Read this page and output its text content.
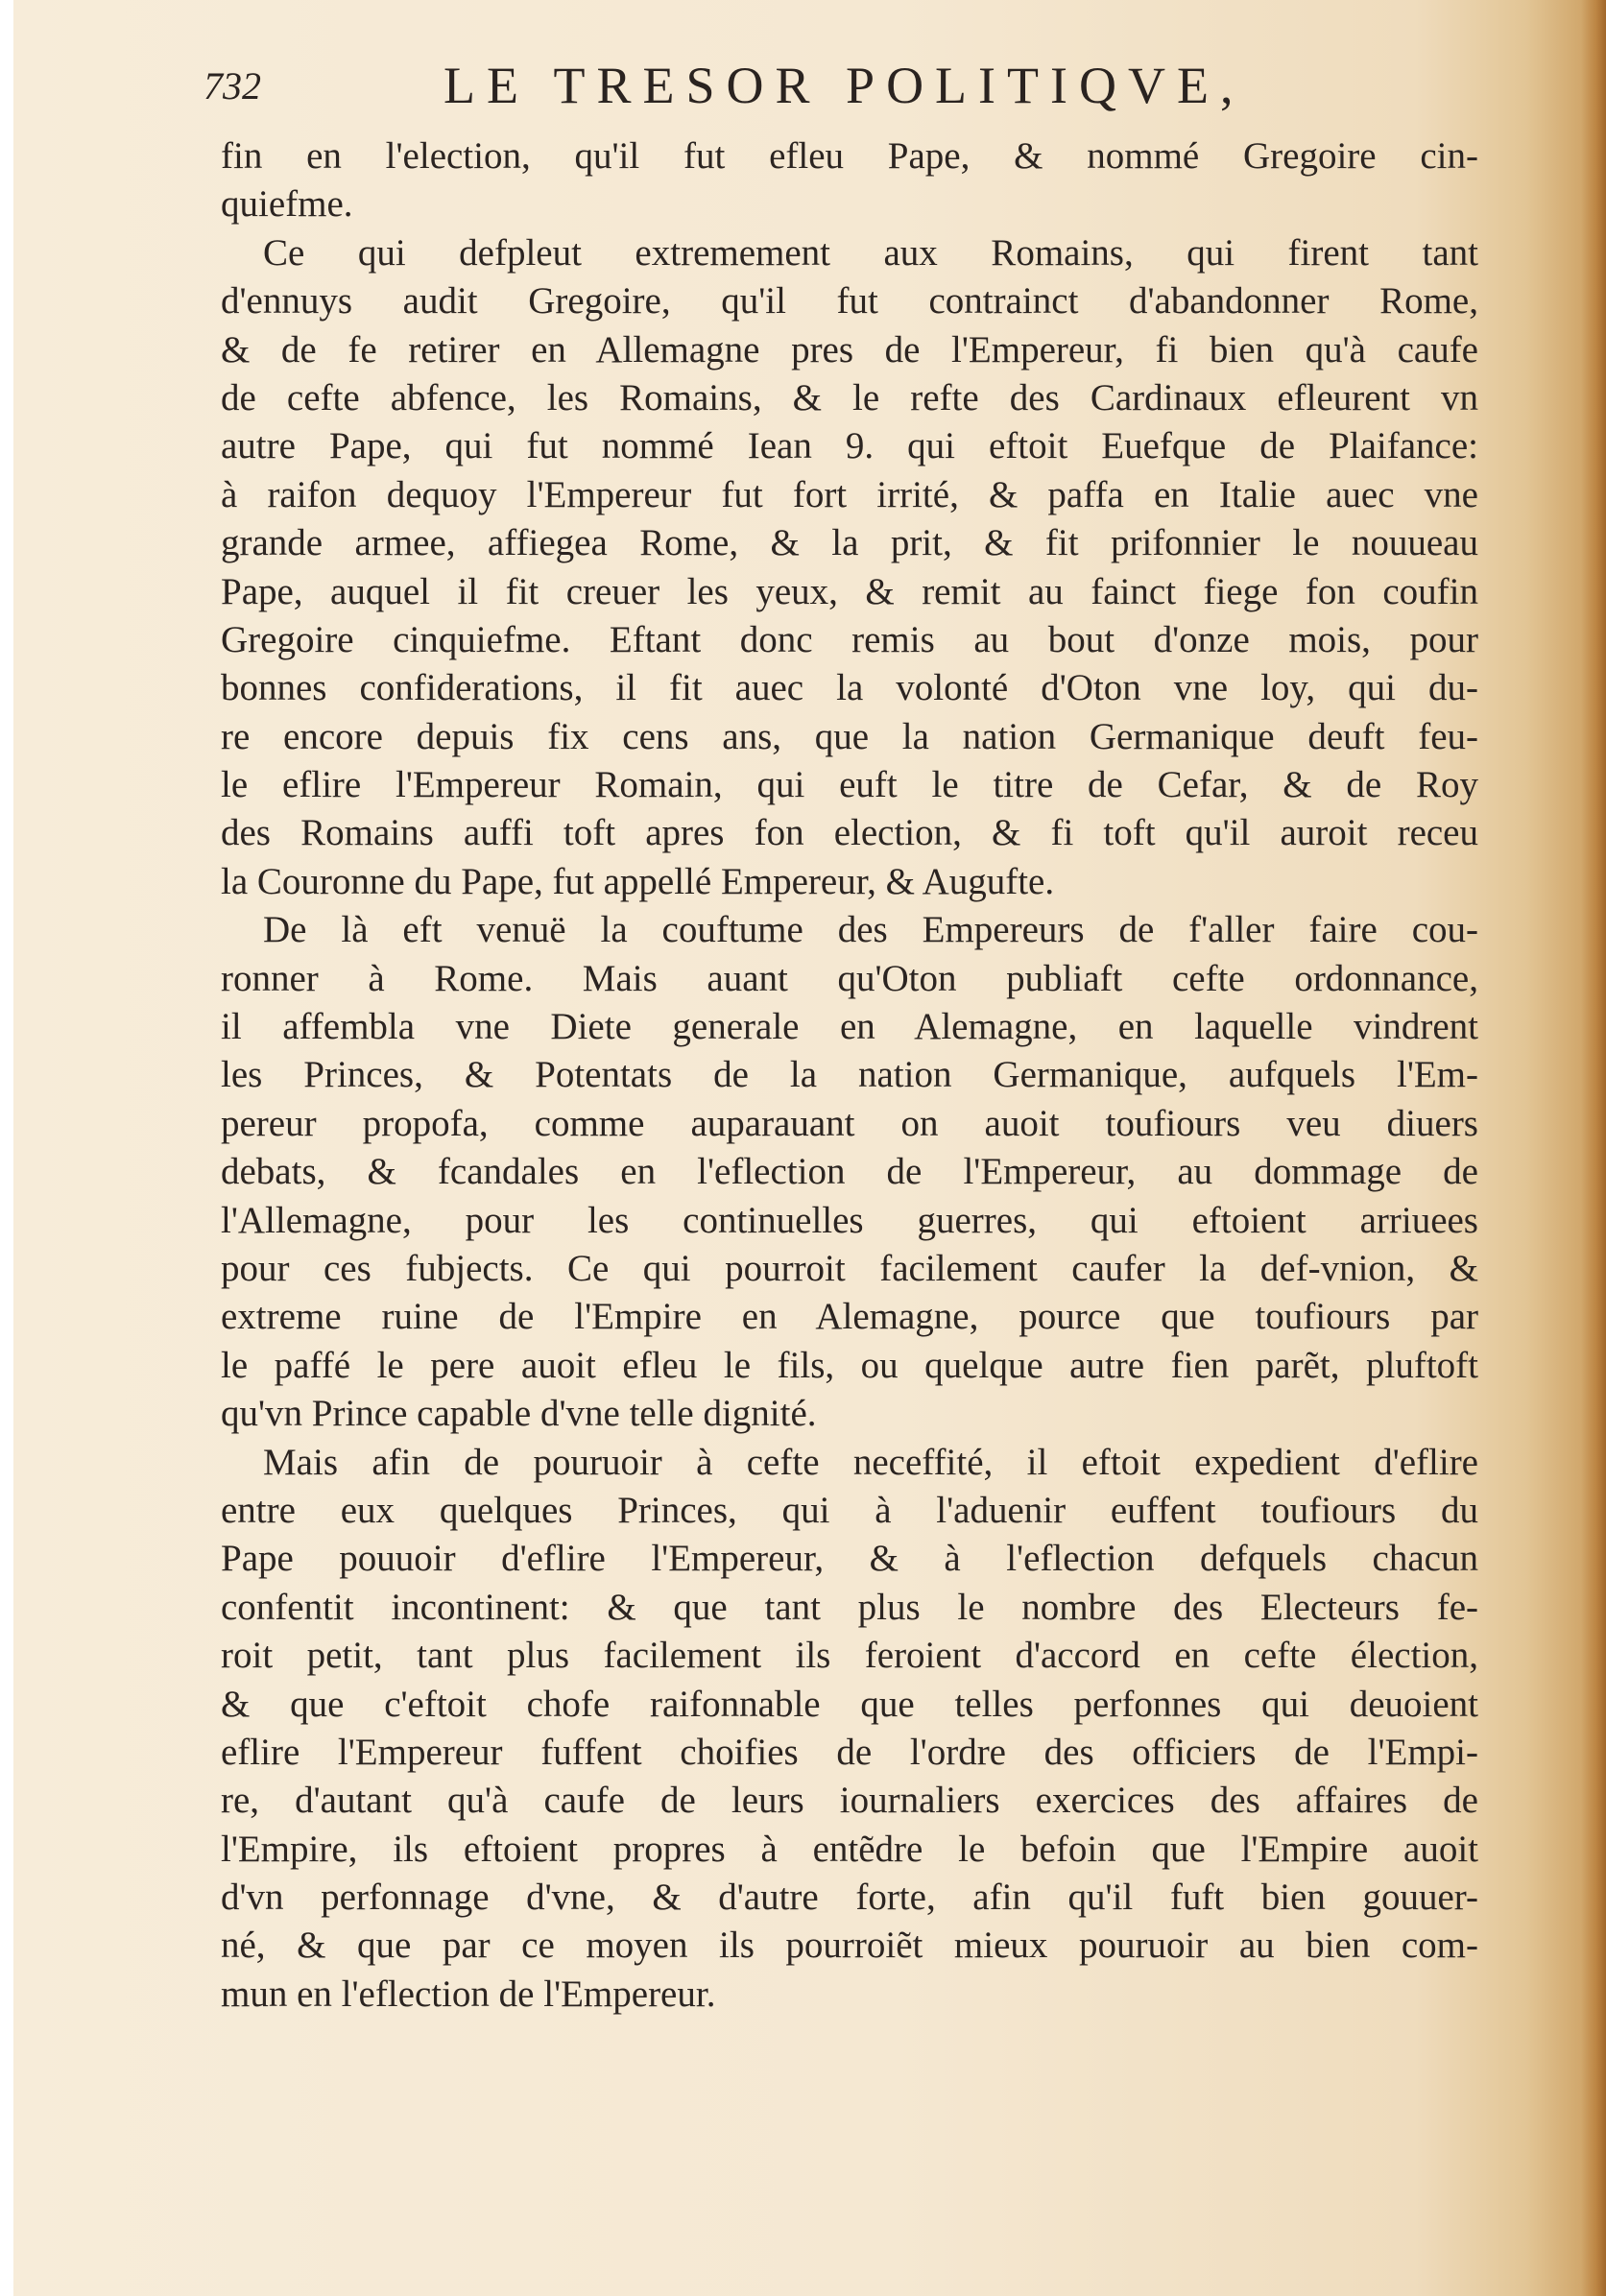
732	LE TRESOR POLITIQVE,
fin en l'election, qu'il fut efleu Pape, & nommé Gregoire cin-
quiefme.
Ce qui defpleut extremement aux Romains, qui firent tant
d'ennuys audit Gregoire, qu'il fut contrainct d'abandonner Rome,
& de fe retirer en Allemagne pres de l'Empereur, fi bien qu'à caufe
de cefte abfence, les Romains, & le refte des Cardinaux efleurent vn
autre Pape, qui fut nommé Iean 9. qui eftoit Euefque de Plaifance:
à raifon dequoy l'Empereur fut fort irrité, & paffa en Italie auec vne
grande armee, affiegea Rome, & la prit, & fit prifonnier le nouueau
Pape, auquel il fit creuer les yeux, & remit au fainct fiege fon coufin
Gregoire cinquiefme. Eftant donc remis au bout d'onze mois, pour
bonnes confiderations, il fit auec la volonté d'Oton vne loy, qui du-
re encore depuis fix cens ans, que la nation Germanique deuft feu-
le eflire l'Empereur Romain, qui euft le titre de Cefar, & de Roy
des Romains auffi toft apres fon election, & fi toft qu'il auroit receu
la Couronne du Pape, fut appellé Empereur, & Augufte.
De là eft venuë la couftume des Empereurs de f'aller faire cou-
ronner à Rome. Mais auant qu'Oton publiaft cefte ordonnance,
il affembla vne Diete generale en Alemagne, en laquelle vindrent
les Princes, & Potentats de la nation Germanique, aufquels l'Em-
pereur propofa, comme auparauant on auoit toufiours veu diuers
debats, & fcandales en l'eflection de l'Empereur, au dommage de
l'Allemagne, pour les continuelles guerres, qui eftoient arriuees
pour ces fubjects. Ce qui pourroit facilement caufer la def-vnion, &
extreme ruine de l'Empire en Alemagne, pource que toufiours par
le paffé le pere auoit efleu le fils, ou quelque autre fien parẽt, pluftoft
qu'vn Prince capable d'vne telle dignité.
Mais afin de pouruoir à cefte neceffité, il eftoit expedient d'eflire
entre eux quelques Princes, qui à l'aduenir euffent toufiours du
Pape pouuoir d'eflire l'Empereur, & à l'eflection defquels chacun
confentit incontinent: & que tant plus le nombre des Electeurs fe-
roit petit, tant plus facilement ils feroient d'accord en cefte élection,
& que c'eftoit chofe raifonnable que telles perfonnes qui deuoient
eflire l'Empereur fuffent choifies de l'ordre des officiers de l'Empi-
re, d'autant qu'à caufe de leurs iournaliers exercices des affaires de
l'Empire, ils eftoient propres à entẽdre le befoin que l'Empire auoit
d'vn perfonnage d'vne, & d'autre forte, afin qu'il fuft bien gouuer-
né, & que par ce moyen ils pourroiẽt mieux pouruoir au bien com-
mun en l'eflection de l'Empereur.
